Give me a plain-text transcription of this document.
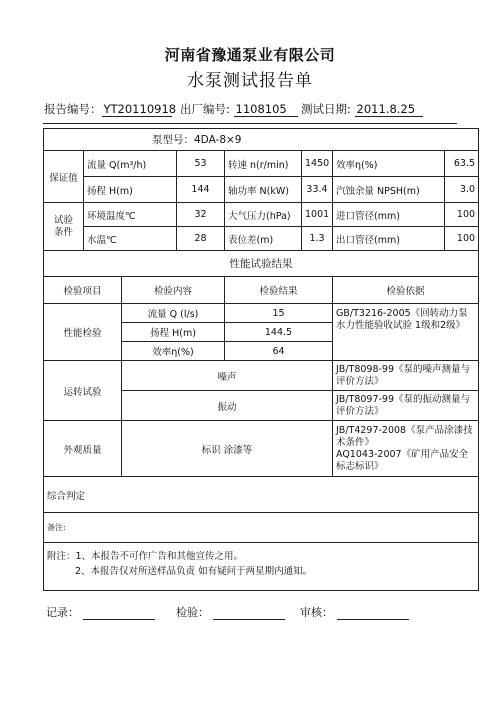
河南省豫通泵业有限公司
水泵测试报告单
报告编号： YT20110918 出厂编号: 1108105	测试日期: 2011.8.25
泵型号：4DA-8×9							
保证值	流量 Q(m³/h)		53	转速 n(r/min)	1450	效率η(%)	63.5
	扬程 H(m)		144	轴功率 N(kW)	33.4	汽蚀余量 NPSH(m)	3.0
试验条件	环境温度℃		32	大气压力(hPa)	1001	进口管径(mm)	100
	水温℃		28	表位差(m)	1.3	出口管径(mm)	100
性能试验结果							
检验项目		检验内容		检验结果		检验依据	
性能检验		流量 Q (l/s)		15		GB/T3216-2005《回转动力泵水力性能验收试验 1级和2级》	
		扬程 H(m)		144.5			
		效率η(%)		64			
运转试验		噪声				JB/T8098-99《泵的噪声测量与评价方法》	
		振动				JB/T8097-99《泵的振动测量与评价方法》	
外观质量		标识 涂漆等				JB/T4297-2008《泵产品涂漆技术条件》
AQ1043-2007《矿用产品安全标志标识》	

综合判定							
备注:							

附注：1、本报告不可作广告和其他宣传之用。
2、本报告仅对所送样品负责 如有疑问于两星期内通知。							
记录：	检验：	审核：
